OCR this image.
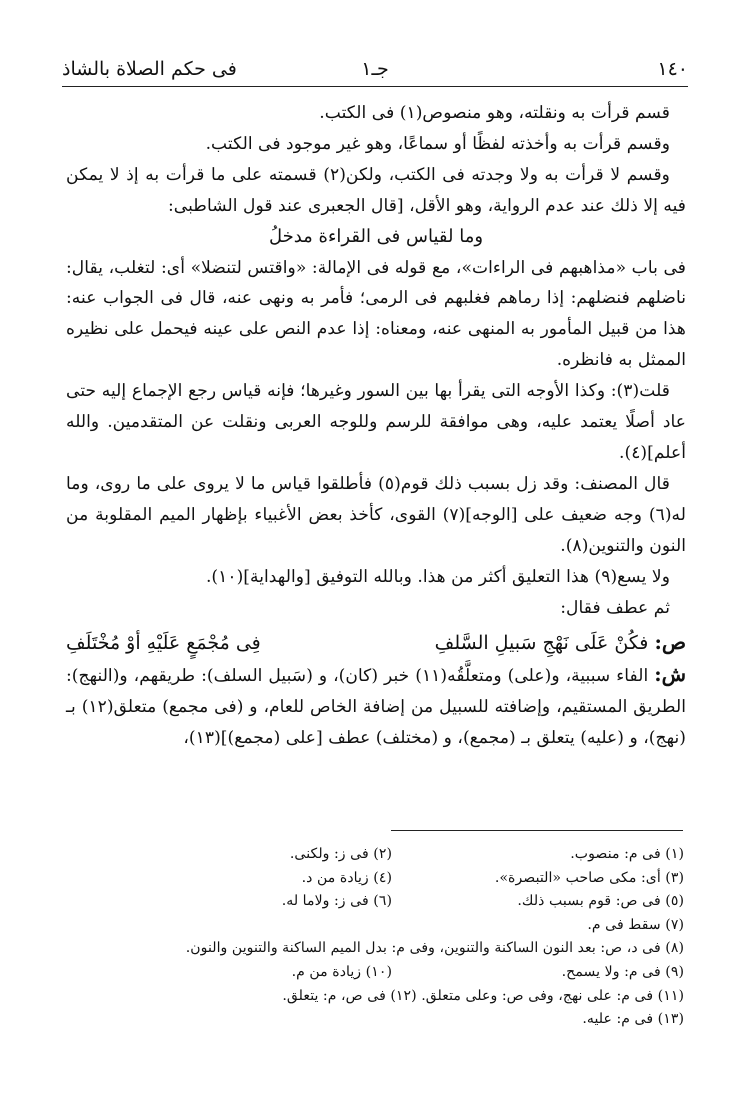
١٤٠
جـ١
فى حكم الصلاة بالشاذ

قسم قرأت به ونقلته، وهو منصوص(١) فى الكتب.

وقسم قرأت به وأخذته لفظًا أو سماعًا، وهو غير موجود فى الكتب.

وقسم لا قرأت به ولا وجدته فى الكتب، ولكن(٢) قسمته على ما قرأت به إذ لا يمكن فيه إلا ذلك عند عدم الرواية، وهو الأقل، [قال الجعبرى عند قول الشاطبى:

وما لقياس فى القراءة مدخلُ

فى باب «مذاهبهم فى الراءات»، مع قوله فى الإمالة: «واقتس لتنضلا» أى: لتغلب، يقال: ناضلهم فنضلهم: إذا رماهم فغلبهم فى الرمى؛ فأمر به ونهى عنه، قال فى الجواب عنه: هذا من قبيل المأمور به المنهى عنه، ومعناه: إذا عدم النص على عينه فيحمل على نظيره الممثل به فانظره.

قلت(٣): وكذا الأوجه التى يقرأ بها بين السور وغيرها؛ فإنه قياس رجع الإجماع إليه حتى عاد أصلًا يعتمد عليه، وهى موافقة للرسم وللوجه العربى ونقلت عن المتقدمين. والله أعلم](٤).

قال المصنف: وقد زل بسبب ذلك قوم(٥) فأطلقوا قياس ما لا يروى على ما روى، وما له(٦) وجه ضعيف على [الوجه](٧) القوى، كأخذ بعض الأغبياء بإظهار الميم المقلوبة من النون والتنوين(٨).

ولا يسع(٩) هذا التعليق أكثر من هذا. وبالله التوفيق [والهداية](١٠).

ثم عطف فقال:

ص: فكُنْ عَلَى نَهْجِ سَبيلِ السَّلفِ
فِى مُجْمَعٍ عَلَيْهِ أوْ مُخْتَلَفِ

ش: الفاء سببية، و(على) ومتعلَّقُه(١١) خبر (كان)، و (سَبيل السلف): طريقهم، و(النهج): الطريق المستقيم، وإضافته للسبيل من إضافة الخاص للعام، و (فى مجمع) متعلق(١٢) بـ (نهج)، و (عليه) يتعلق بـ (مجمع)، و (مختلف) عطف [على (مجمع)](١٣)،

(١) فى م: منصوب.
(٢) فى ز: ولكنى.
(٣) أى: مكى صاحب «التبصرة».
(٤) زيادة من د.
(٥) فى ص: قوم بسبب ذلك.
(٦) فى ز: ولاما له.
(٧) سقط فى م.
(٨) فى د، ص: بعد النون الساكنة والتنوين، وفى م: بدل الميم الساكنة والتنوين والنون.
(٩) فى م: ولا يسمح.
(١٠) زيادة من م.
(١١) فى م: على نهج، وفى ص: وعلى متعلق. (١٢) فى ص، م: يتعلق.
(١٣) فى م: عليه.
